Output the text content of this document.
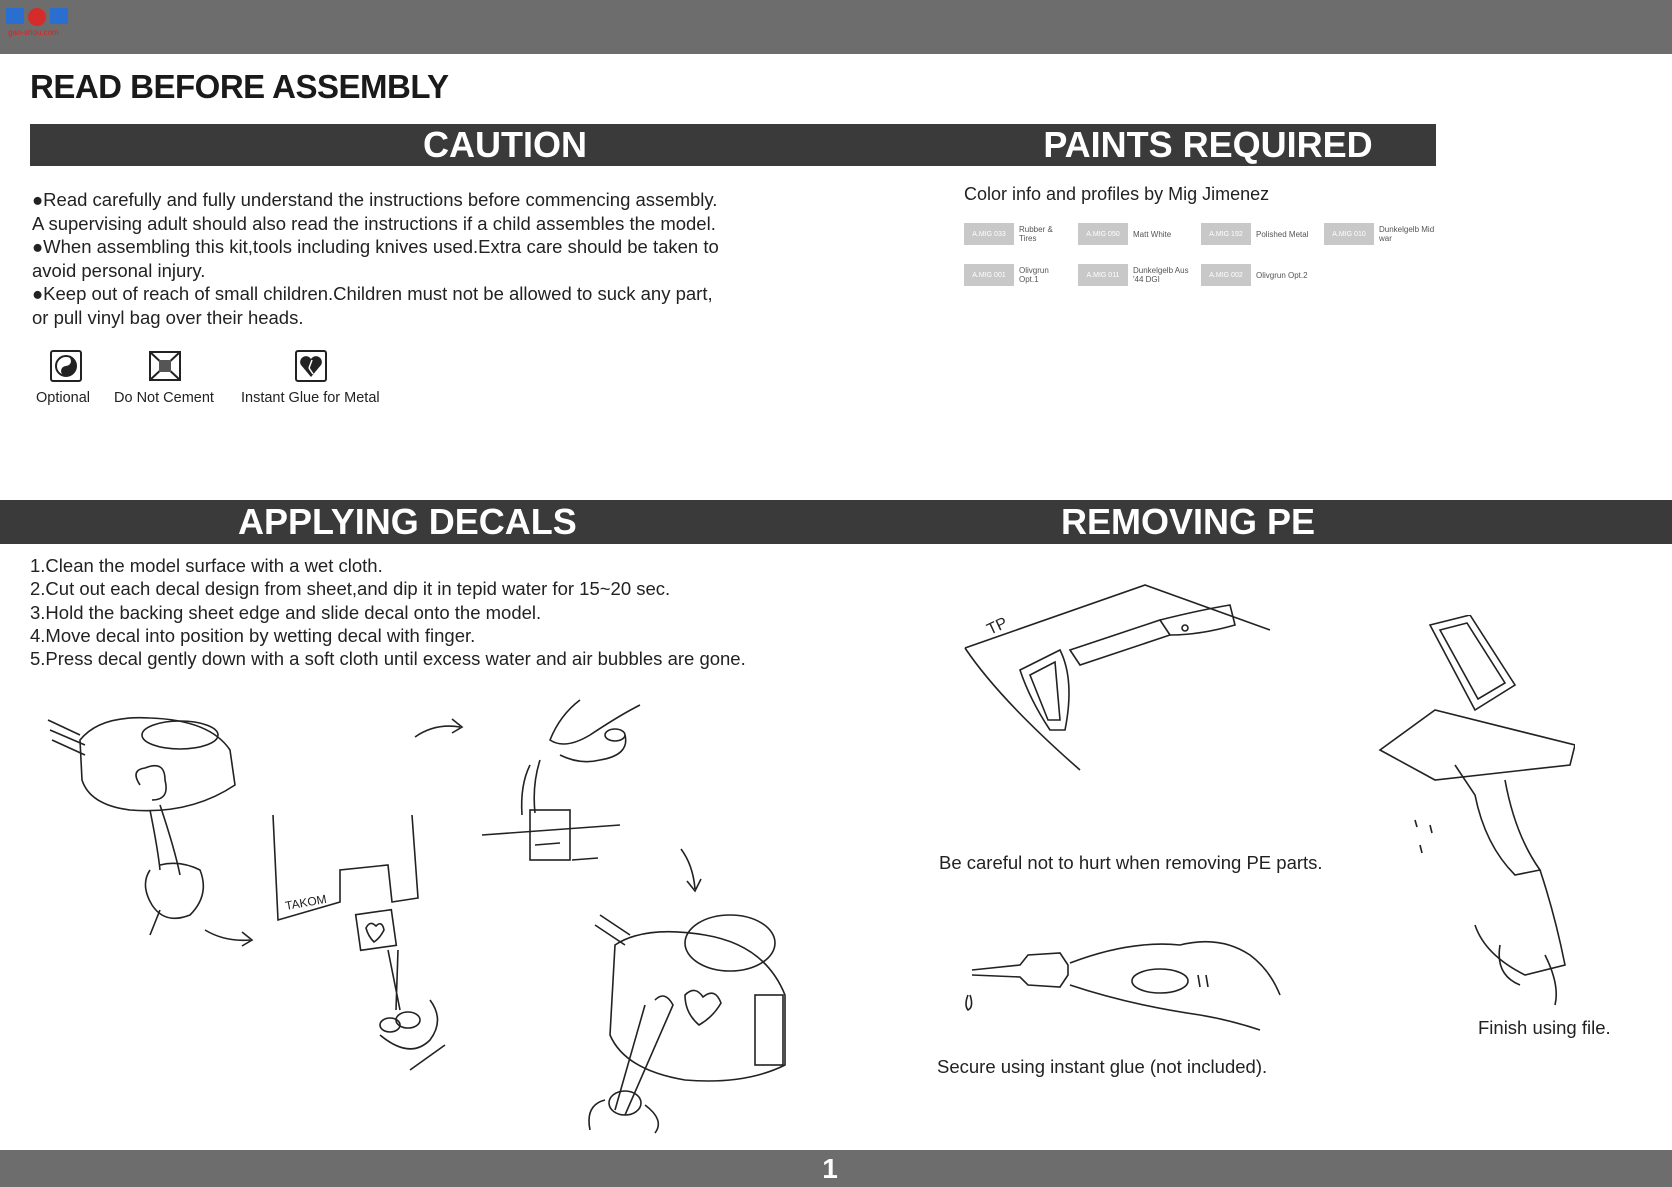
gao-shou.com
READ BEFORE ASSEMBLY
CAUTION	PAINTS REQUIRED
●Read carefully and fully understand the instructions before commencing assembly.
A supervising adult should also read the instructions if a child assembles the model.
●When assembling this kit,tools including knives used.Extra care should be taken to
avoid personal injury.
●Keep out of reach of small children.Children must not be allowed to suck any part,
or pull vinyl bag over their heads.
Optional Do Not Cement Instant Glue for Metal
Color info and profiles by Mig Jimenez
A.MIG 033	Rubber & Tires	A.MIG 050	Matt White	A.MIG 192	Polished Metal	A.MIG 010	Dunkelgelb Mid war
A.MIG 001	Olivgrun Opt.1	A.MIG 011	Dunkelgelb Aus '44 DGI	A.MIG 002	Olivgrun Opt.2
APPLYING DECALS	REMOVING PE
1.Clean the model surface with a wet cloth.
2.Cut out each decal design from sheet,and dip it in tepid water for 15~20 sec.
3.Hold the backing sheet edge and slide decal onto the model.
4.Move decal into position by wetting decal with finger.
5.Press decal gently down with a soft cloth until excess water and air bubbles are gone.
TAKOM
TP
Be careful not to hurt when removing PE parts.
Secure using instant glue (not included).
Finish using file.
1
